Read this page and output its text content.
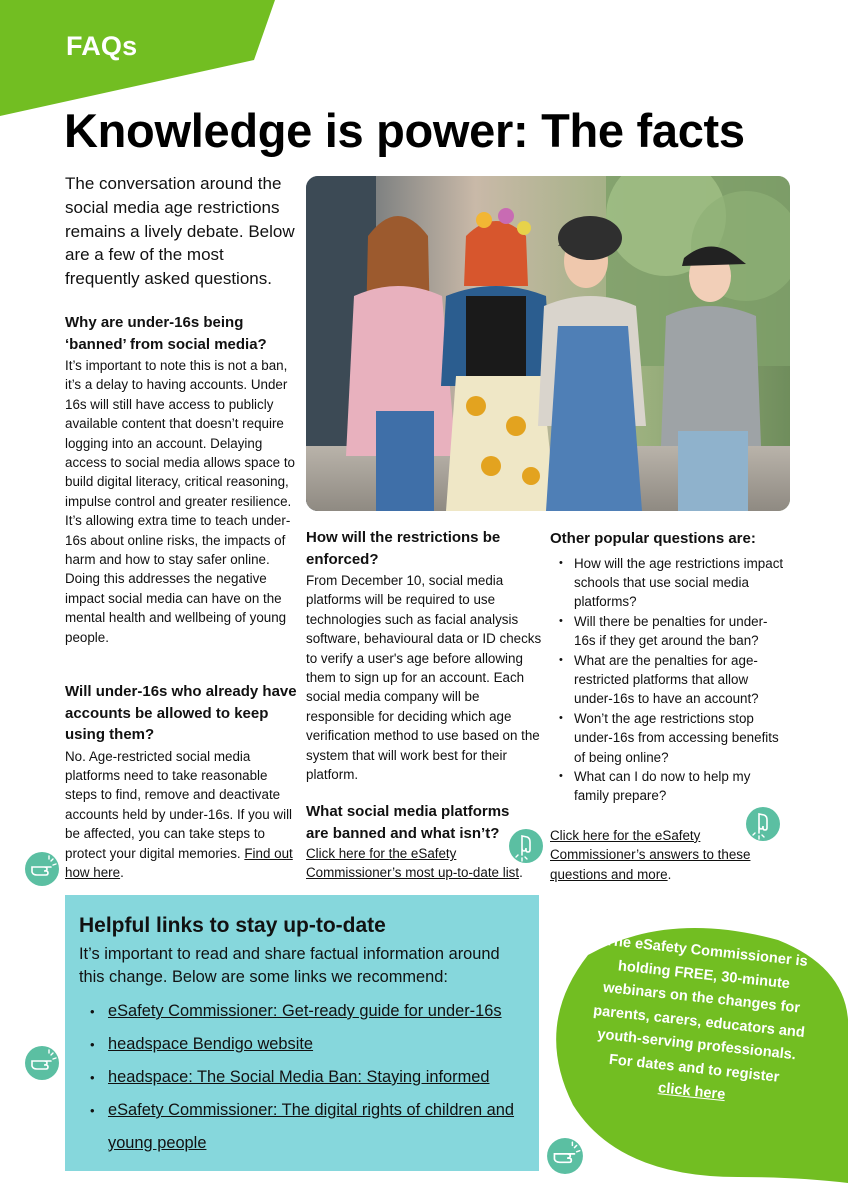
FAQs
Knowledge is power: The facts

The conversation around the social media age restrictions remains a lively debate. Below are a few of the most frequently asked questions.

Why are under-16s being ‘banned’ from social media?

It’s important to note this is not a ban, it’s a delay to having accounts. Under 16s will still have access to publicly available content that doesn’t require logging into an account. Delaying access to social media allows space to build digital literacy, critical reasoning, impulse control and greater resilience. It’s allowing extra time to teach under-16s about online risks, the impacts of harm and how to stay safer online. Doing this addresses the negative impact social media can have on the mental health and wellbeing of young people.

Will under-16s who already have accounts be allowed to keep using them?

No. Age-restricted social media platforms need to take reasonable steps to find, remove and deactivate accounts held by under-16s. If you will be affected, you can take steps to protect your digital memories. Find out how here.

How will the restrictions be enforced?

From December 10, social media platforms will be required to use technologies such as facial analysis software, behavioural data or ID checks to verify a user's age before allowing them to sign up for an account. Each social media company will be responsible for deciding which age verification method to use based on the system that will work best for their platform.

What social media platforms are banned and what isn’t?

Click here for the eSafety Commissioner’s most up-to-date list.

Other popular questions are:
• How will the age restrictions impact schools that use social media platforms?
• Will there be penalties for under-16s if they get around the ban?
• What are the penalties for age-restricted platforms that allow under-16s to have an account?
• Won’t the age restrictions stop under-16s from accessing benefits of being online?
• What can I do now to help my family prepare?

Click here for the eSafety Commissioner’s answers to these questions and more.

Helpful links to stay up-to-date

It’s important to read and share factual information around this change. Below are some links we recommend:

• eSafety Commissioner: Get-ready guide for under-16s
• headspace Bendigo website
• headspace: The Social Media Ban: Staying informed
• eSafety Commissioner: The digital rights of children and young people
The eSafety Commissioner is holding FREE, 30-minute webinars on the changes for parents, carers, educators and youth-serving professionals. For dates and to register
click here
